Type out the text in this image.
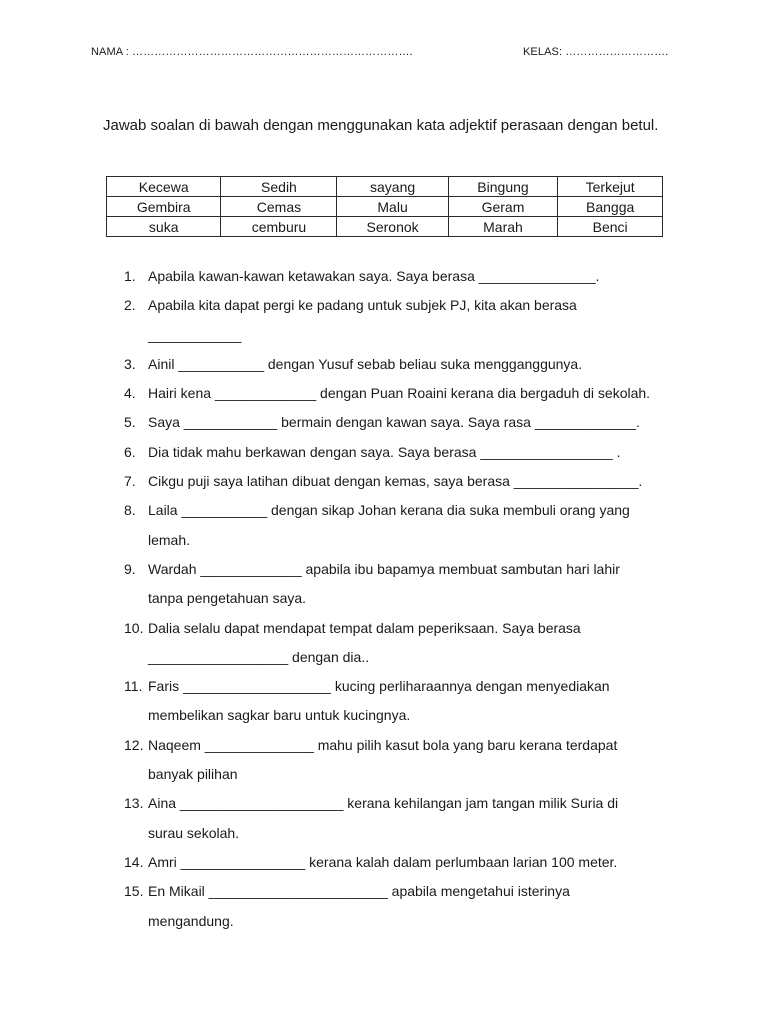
NAMA : ………………………………………………………………….	KELAS: ……………………….
Jawab soalan di bawah dengan menggunakan kata adjektif perasaan dengan betul.
Kecewa	Sedih	sayang	Bingung	Terkejut
Gembira	Cemas	Malu	Geram	Bangga
suka	cemburu	Seronok	Marah	Benci
1. Apabila kawan-kawan ketawakan saya. Saya berasa _______________.
2. Apabila kita dapat pergi ke padang untuk subjek PJ, kita akan berasa
____________
3. Ainil ___________ dengan Yusuf sebab beliau suka mengganggunya.
4. Hairi kena _____________ dengan Puan Roaini kerana dia bergaduh di sekolah.
5. Saya ____________ bermain dengan kawan saya. Saya rasa _____________.
6. Dia tidak mahu berkawan dengan saya. Saya berasa _________________ .
7. Cikgu puji saya latihan dibuat dengan kemas, saya berasa ________________.
8. Laila ___________ dengan sikap Johan kerana dia suka membuli orang yang
lemah.
9. Wardah _____________ apabila ibu bapamya membuat sambutan hari lahir
tanpa pengetahuan saya.
10. Dalia selalu dapat mendapat tempat dalam peperiksaan. Saya berasa
__________________ dengan dia..
11. Faris ___________________ kucing perliharaannya dengan menyediakan
membelikan sagkar baru untuk kucingnya.
12. Naqeem ______________ mahu pilih kasut bola yang baru kerana terdapat
banyak pilihan
13. Aina _____________________ kerana kehilangan jam tangan milik Suria di
surau sekolah.
14. Amri ________________ kerana kalah dalam perlumbaan larian 100 meter.
15. En Mikail _______________________ apabila mengetahui isterinya
mengandung.
